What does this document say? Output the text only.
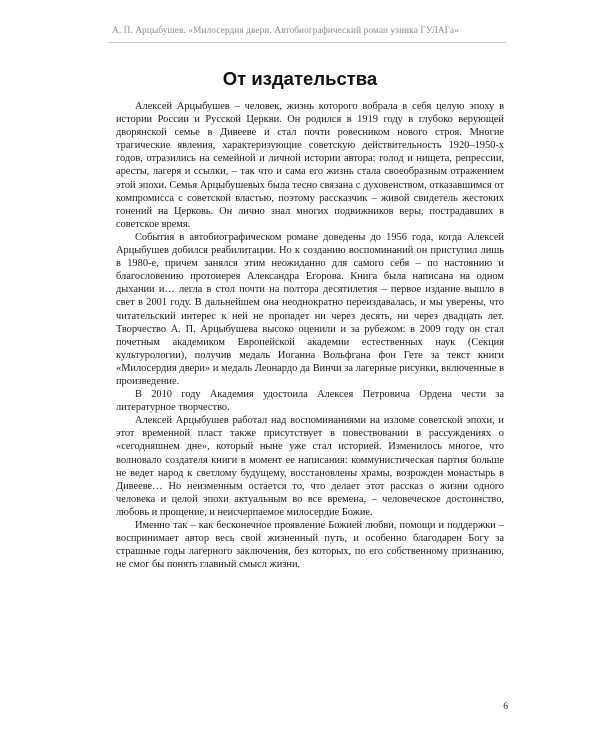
А. П. Арцыбушев. «Милосердия двери. Автобиографический роман узника ГУЛАГа»
От издательства

Алексей Арцыбушев – человек, жизнь которого вобрала в себя целую эпоху в истории России и Русской Церкви. Он родился в 1919 году в глубоко верующей дворянской семье в Дивееве и стал почти ровесником нового строя. Многие трагические явления, характеризующие советскую действительность 1920–1950-х годов, отразились на семейной и личной истории автора: голод и нищета, репрессии, аресты, лагеря и ссылки, – так что и сама его жизнь стала своеобразным отражением этой эпохи. Семья Арцыбушевых была тесно связана с духовенством, отказавшимся от компромисса с советской властью, поэтому рассказчик – живой свидетель жестоких гонений на Церковь. Он лично знал многих подвижников веры, пострадавших в советское время.

События в автобиографическом романе доведены до 1956 года, когда Алексей Арцыбушев добился реабилитации. Но к созданию воспоминаний он приступил лишь в 1980-е, причем занялся этим неожиданно для самого себя – по настоянию и благословению протоиерея Александра Егорова. Книга была написана на одном дыхании и… легла в стол почти на полтора десятилетия – первое издание вышло в свет в 2001 году. В дальнейшем она неоднократно переиздавалась, и мы уверены, что читательский интерес к ней не пропадет ни через десять, ни через двадцать лет. Творчество А. П. Арцыбушева высоко оценили и за рубежом: в 2009 году он стал почетным академиком Европейской академии естественных наук (Секция культурологии), получив медаль Иоганна Вольфгана фон Гете за текст книги «Милосердия двери» и медаль Леонардо да Винчи за лагерные рисунки, включенные в произведение.

В 2010 году Академия удостоила Алексея Петровича Ордена чести за литературное творчество.

Алексей Арцыбушев работал над воспоминаниями на изломе советской эпохи, и этот временной пласт также присутствует в повествовании в рассуждениях о «сегодняшнем дне», который ныне уже стал историей. Изменилось многое, что волновало создателя книги в момент ее написания: коммунистическая партия больше не ведет народ к светлому будущему, восстановлены храмы, возрожден монастырь в Дивееве… Но неизменным остается то, что делает этот рассказ о жизни одного человека и целой эпохи актуальным во все времена, – человеческое достоинство, любовь и прощение, и неисчерпаемое милосердие Божие.

Именно так – как бесконечное проявление Божией любви, помощи и поддержки – воспринимает автор весь свой жизненный путь, и особенно благодарен Богу за страшные годы лагерного заключения, без которых, по его собственному признанию, не смог бы понять главный смысл жизни.

6
